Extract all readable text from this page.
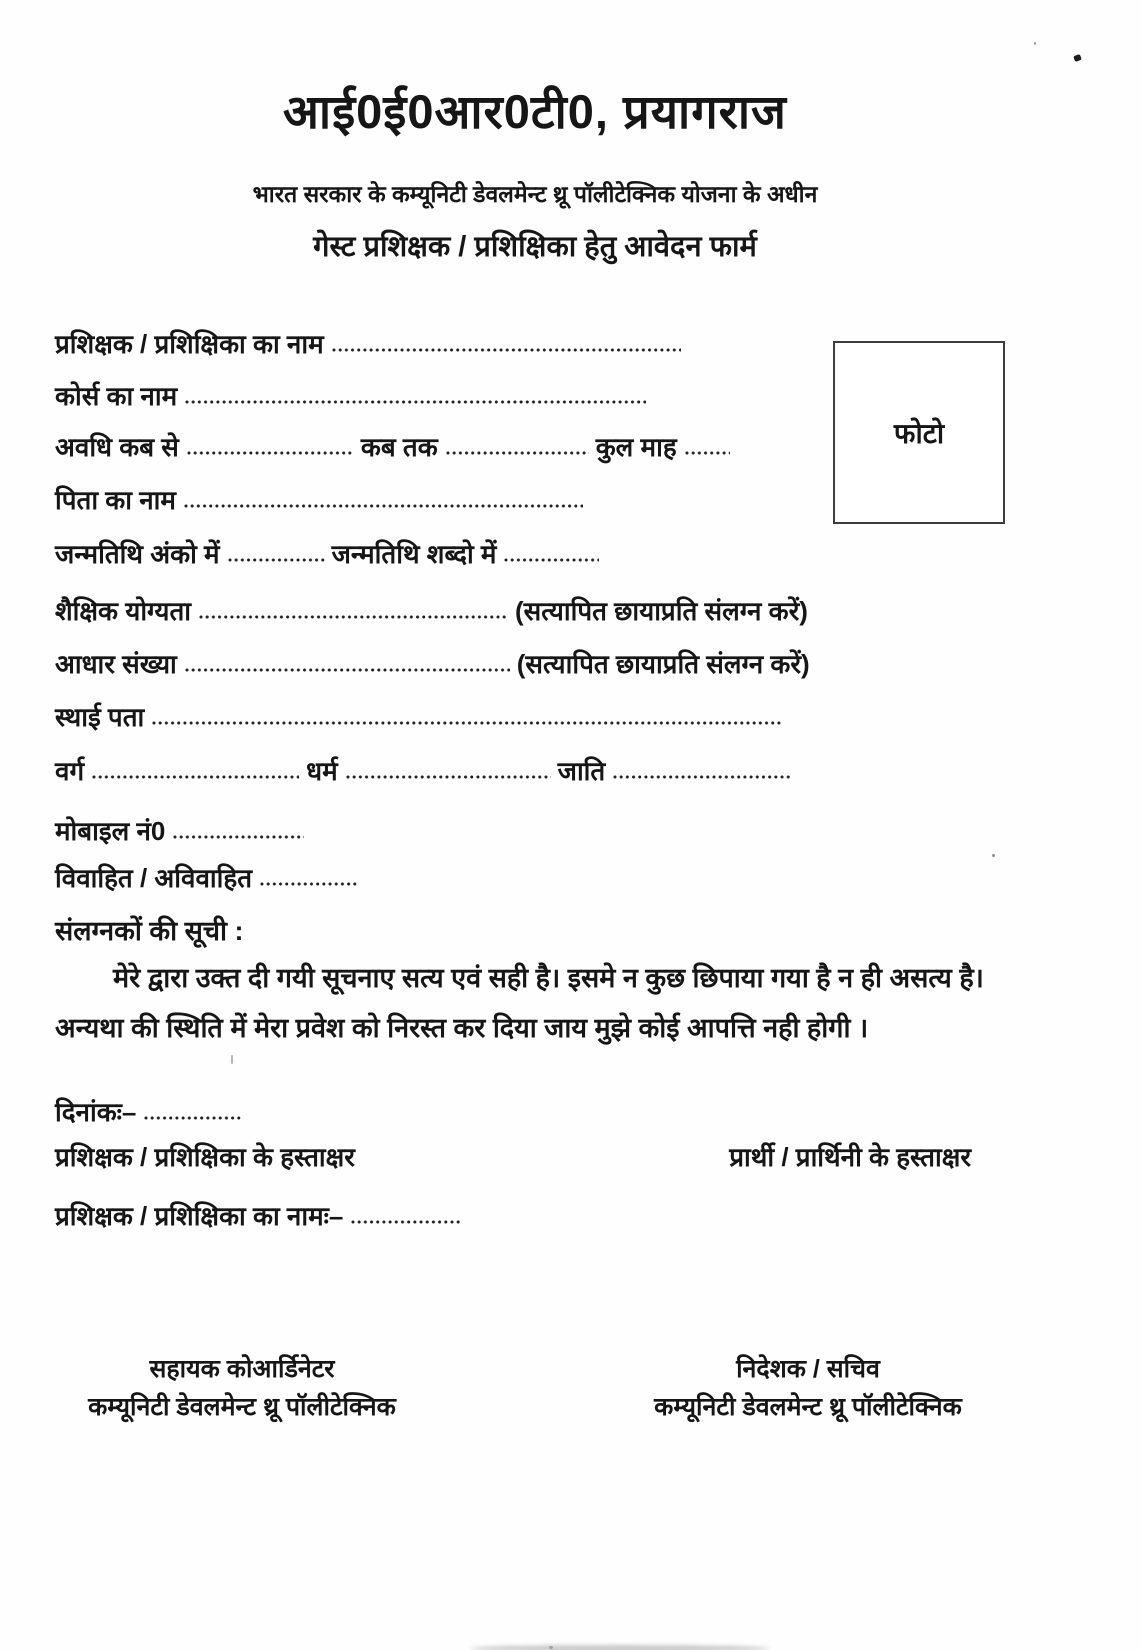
आई0ई0आर0टी0, प्रयागराज
भारत सरकार के कम्यूनिटी डेवलमेन्ट थ्रू पॉलीटेक्निक योजना के अधीन
गेस्ट प्रशिक्षक / प्रशिक्षिका हेतु आवेदन फार्म
फोटो
प्रशिक्षक / प्रशिक्षिका का नाम
कोर्स का नाम
अवधि कब से	कब तक	कुल माह
पिता का नाम
जन्मतिथि अंको में	जन्मतिथि शब्दो में
शैक्षिक योग्यता	(सत्यापित छायाप्रति संलग्न करें)
आधार संख्या	(सत्यापित छायाप्रति संलग्न करें)
स्थाई पता
वर्ग	धर्म	जाति
मोबाइल नं0
विवाहित / अविवाहित
दिनांकः–
प्रशिक्षक / प्रशिक्षिका का नामः–
संलग्नकों की सूची :
मेरे द्वारा उक्त दी गयी सूचनाए सत्य एवं सही है। इसमे न कुछ छिपाया गया है न ही असत्य है।
अन्यथा की स्थिति में मेरा प्रवेश को निरस्त कर दिया जाय मुझे कोई आपत्ति नही होगी ।
प्रशिक्षक / प्रशिक्षिका के हस्ताक्षर	प्रार्थी / प्रार्थिनी के हस्ताक्षर
सहायक कोआर्डिनेटर
कम्यूनिटी डेवलमेन्ट थ्रू पॉलीटेक्निक
निदेशक / सचिव
कम्यूनिटी डेवलमेन्ट थ्रू पॉलीटेक्निक
